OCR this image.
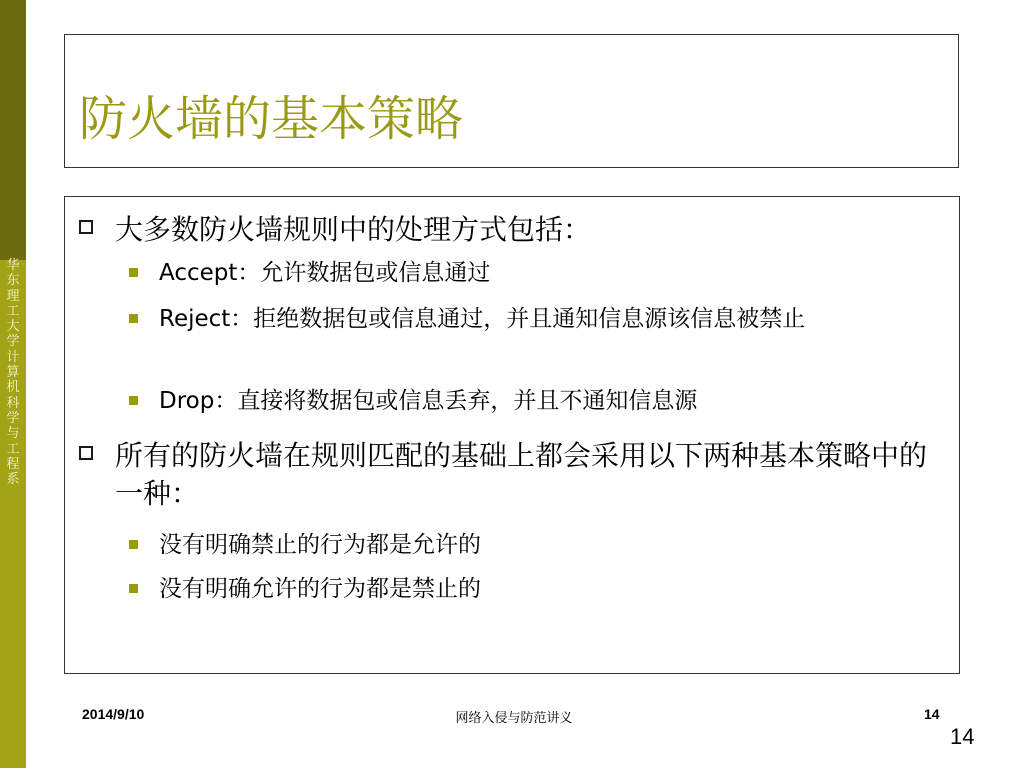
华东理工大学计算机科学与工程系
防火墙的基本策略
大多数防火墙规则中的处理方式包括：
Accept：允许数据包或信息通过
Reject：拒绝数据包或信息通过，并且通知信息源该信息被禁止
Drop：直接将数据包或信息丢弃，并且不通知信息源
所有的防火墙在规则匹配的基础上都会采用以下两种基本策略中的一种：
没有明确禁止的行为都是允许的
没有明确允许的行为都是禁止的
2014/9/10	网络入侵与防范讲义	14
14
